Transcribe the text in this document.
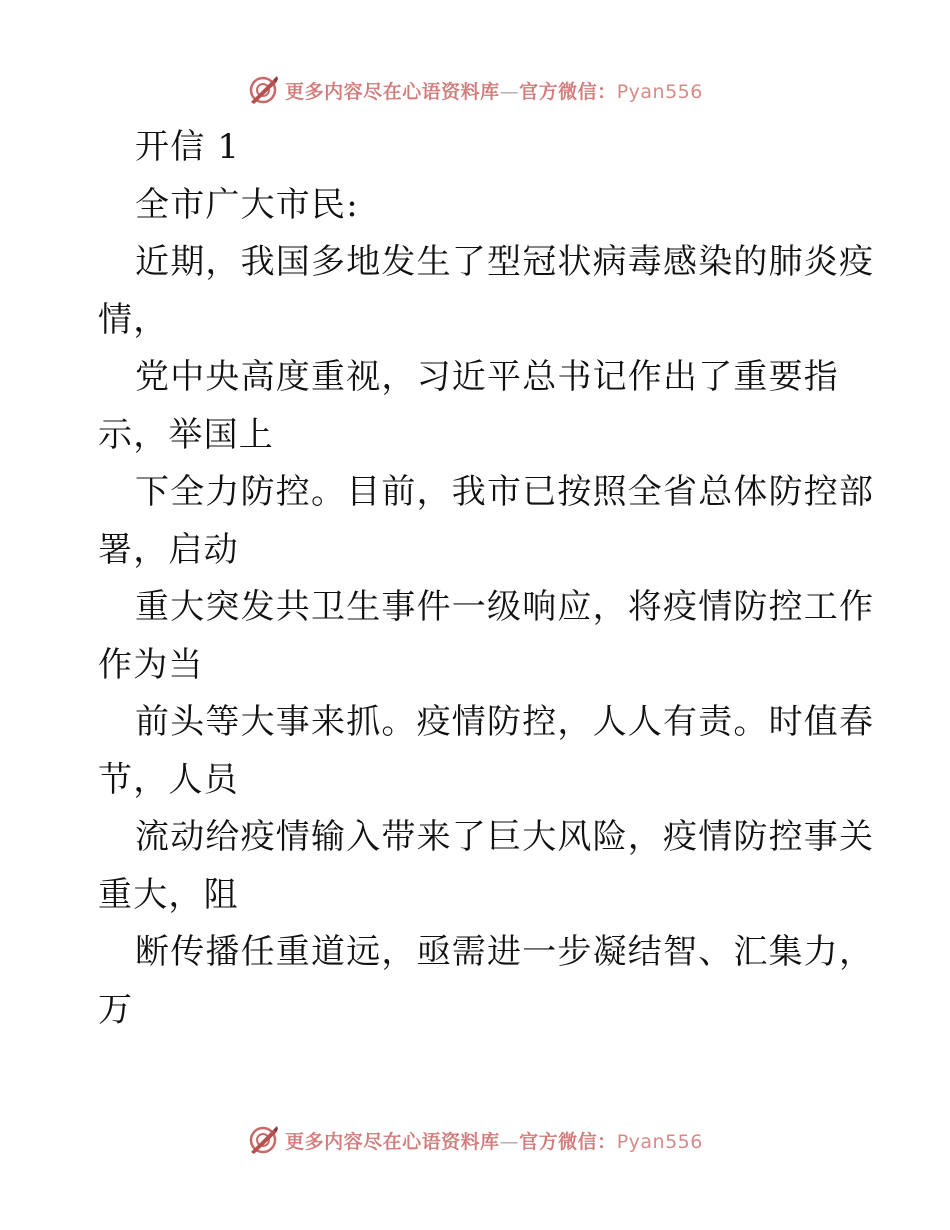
更多内容尽在心语资料库—官方微信：Pyan556
开信 1
全市广大市民:
近期，我国多地发生了型冠状病毒感染的肺炎疫
情，
党中央高度重视，习近平总书记作出了重要指
示，举国上
下全力防控。目前，我市已按照全省总体防控部
署，启动
重大突发共卫生事件一级响应，将疫情防控工作
作为当
前头等大事来抓。疫情防控，人人有责。时值春
节，人员
流动给疫情输入带来了巨大风险，疫情防控事关
重大，阻
断传播任重道远，亟需进一步凝结智、汇集力，
万
更多内容尽在心语资料库—官方微信：Pyan556
